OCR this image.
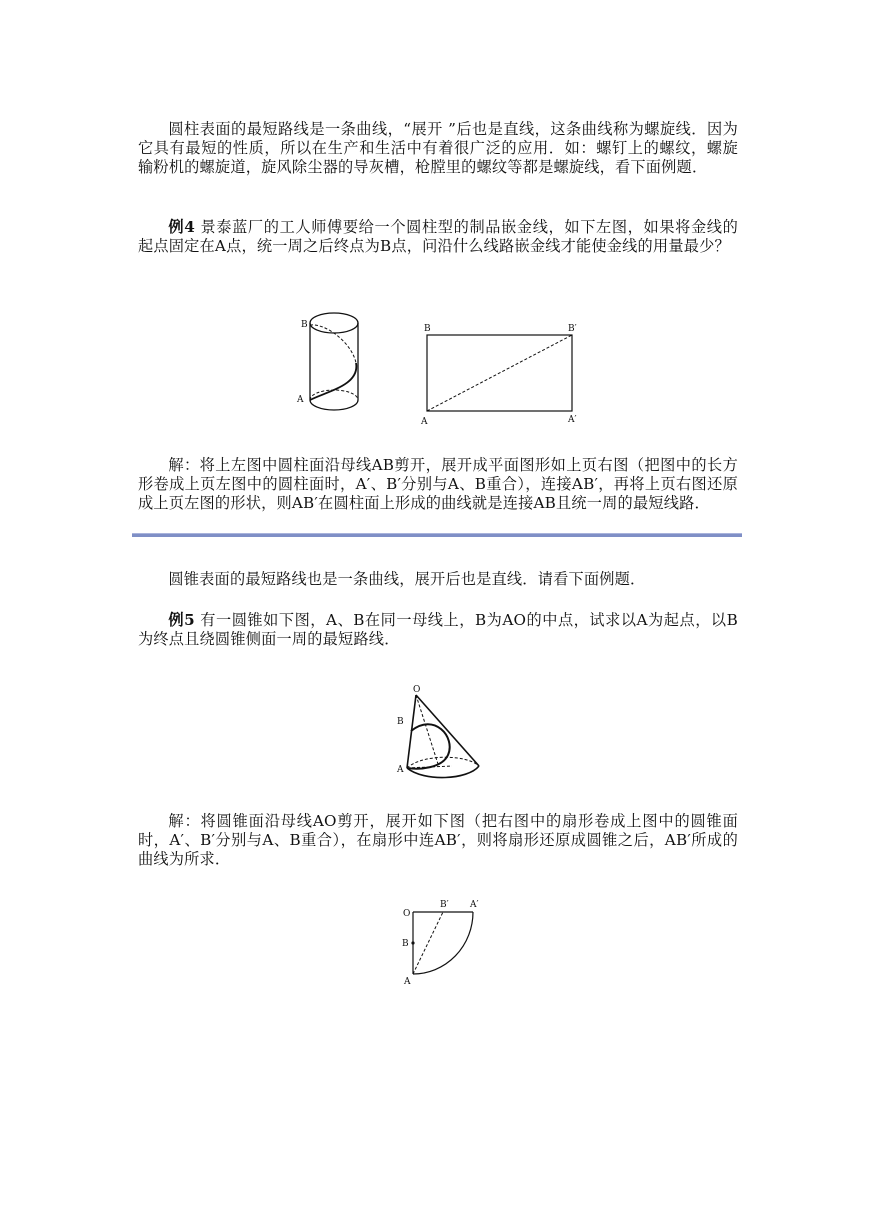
圆柱表面的最短路线是一条曲线，“展开 ”后也是直线，这条曲线称为螺旋线．因为它具有最短的性质，所以在生产和生活中有着很广泛的应用．如：螺钉上的螺纹，螺旋输粉机的螺旋道，旋风除尘器的导灰槽，枪膛里的螺纹等都是螺旋线，看下面例题．

例4 景泰蓝厂的工人师傅要给一个圆柱型的制品嵌金线，如下左图，如果将金线的起点固定在A点，统一周之后终点为B点，问沿什么线路嵌金线才能使金线的用量最少？

B
A
B	B′
A	A′

解：将上左图中圆柱面沿母线AB剪开，展开成平面图形如上页右图（把图中的长方形卷成上页左图中的圆柱面时，A′、B′分别与A、B重合），连接AB′，再将上页右图还原成上页左图的形状，则AB′在圆柱面上形成的曲线就是连接AB且统一周的最短线路．

圆锥表面的最短路线也是一条曲线，展开后也是直线．请看下面例题．

例5 有一圆锥如下图，A、B在同一母线上，B为AO的中点，试求以A为起点，以B为终点且绕圆锥侧面一周的最短路线．

O
B
A

解：将圆锥面沿母线AO剪开，展开如下图（把右图中的扇形卷成上图中的圆锥面时，A′、B′分别与A、B重合），在扇形中连AB′，则将扇形还原成圆锥之后，AB′所成的曲线为所求．

O
B
A
B′ A′
